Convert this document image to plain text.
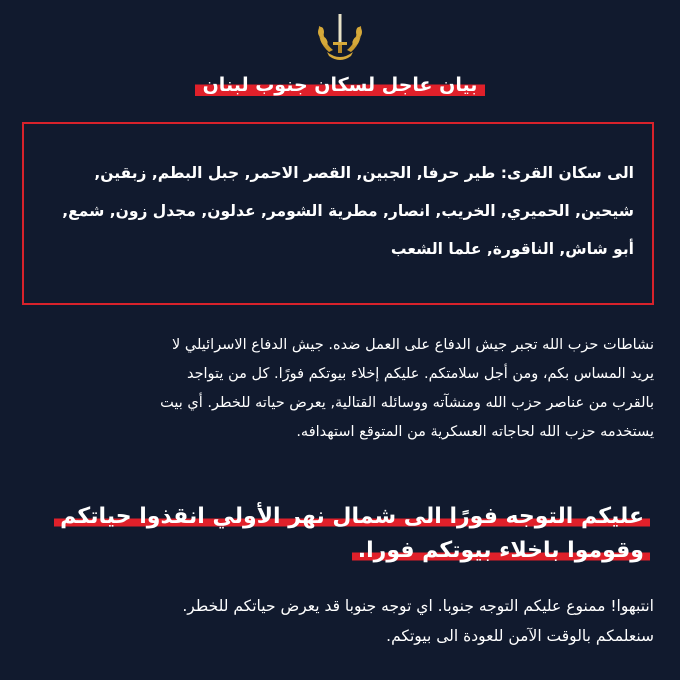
بيان عاجل لسكان جنوب لبنان
الى سكان القرى: طير حرفا, الجبين, القصر الاحمر, جبل البطم, زبقين,
شيحين, الحميري, الخريب, انصار, مطرية الشومر, عدلون, مجدل زون, شمع,
أبو شاش, الناقورة, علما الشعب
نشاطات حزب الله تجبر جيش الدفاع على العمل ضده. جيش الدفاع الاسرائيلي لا
يريد المساس بكم، ومن أجل سلامتكم. عليكم إخلاء بيوتكم فورًا. كل من يتواجد
بالقرب من عناصر حزب الله ومنشآته ووسائله القتالية, يعرض حياته للخطر. أي بيت
يستخدمه حزب الله لحاجاته العسكرية من المتوقع استهدافه.
عليكم التوجه فورًا الى شمال نهر الأولي انقذوا حياتكم
وقوموا باخلاء بيوتكم فورا.
انتبهوا! ممنوع عليكم التوجه جنوبا. اي توجه جنوبا قد يعرض حياتكم للخطر.
سنعلمكم بالوقت الآمن للعودة الى بيوتكم.
